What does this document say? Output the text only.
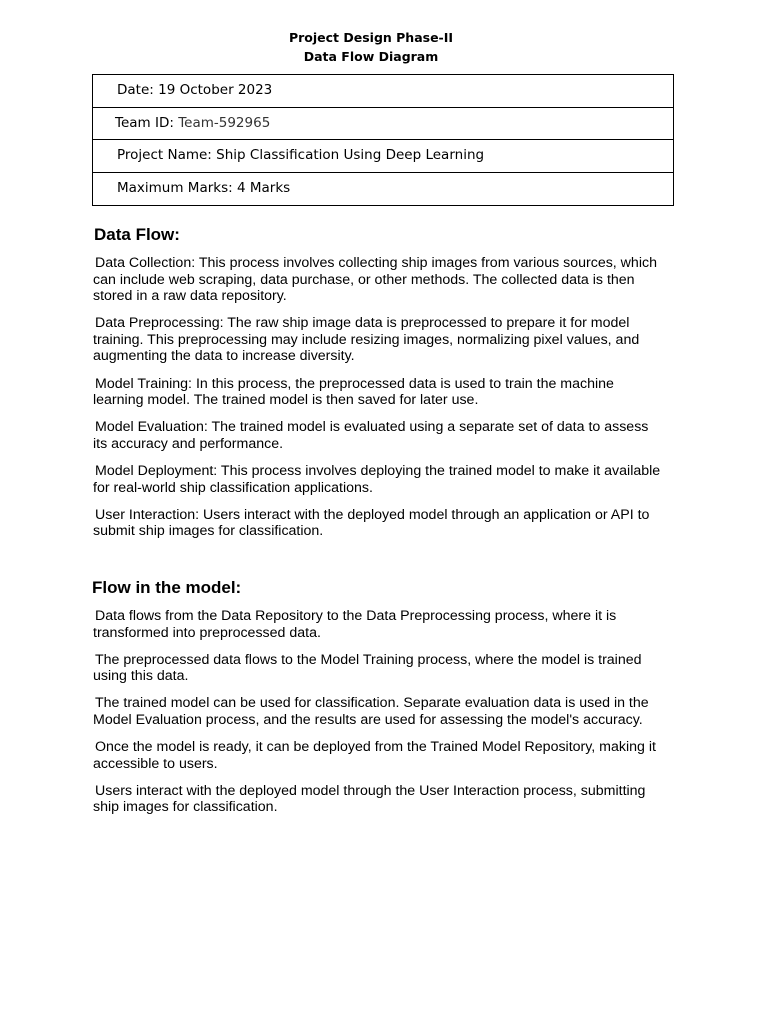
Project Design Phase-II
Data Flow Diagram
Date: 19 October 2023
Team ID: Team-592965
Project Name: Ship Classification Using Deep Learning
Maximum Marks: 4 Marks
Data Flow:

Data Collection: This process involves collecting ship images from various sources, which can include web scraping, data purchase, or other methods. The collected data is then stored in a raw data repository.

Data Preprocessing: The raw ship image data is preprocessed to prepare it for model training. This preprocessing may include resizing images, normalizing pixel values, and augmenting the data to increase diversity.

Model Training: In this process, the preprocessed data is used to train the machine learning model. The trained model is then saved for later use.

Model Evaluation: The trained model is evaluated using a separate set of data to assess its accuracy and performance.

Model Deployment: This process involves deploying the trained model to make it available for real-world ship classification applications.

User Interaction: Users interact with the deployed model through an application or API to submit ship images for classification.

Flow in the model:

Data flows from the Data Repository to the Data Preprocessing process, where it is transformed into preprocessed data.

The preprocessed data flows to the Model Training process, where the model is trained using this data.

The trained model can be used for classification. Separate evaluation data is used in the Model Evaluation process, and the results are used for assessing the model's accuracy.

Once the model is ready, it can be deployed from the Trained Model Repository, making it accessible to users.

Users interact with the deployed model through the User Interaction process, submitting ship images for classification.
